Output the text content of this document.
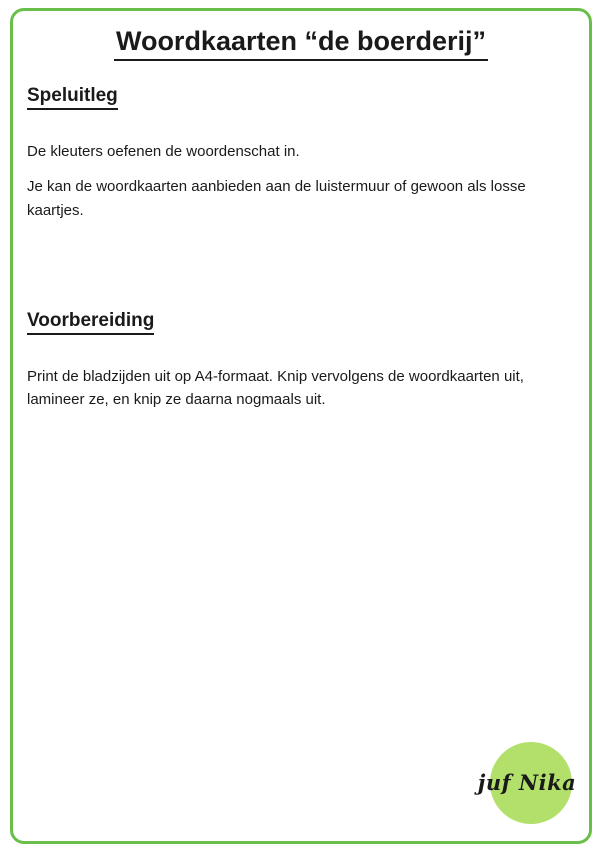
Woordkaarten “de boerderij”
Speluitleg

De kleuters oefenen de woordenschat in.

Je kan de woordkaarten aanbieden aan de luistermuur of gewoon als losse kaartjes.

Voorbereiding

Print de bladzijden uit op A4-formaat. Knip vervolgens de woordkaarten uit, lamineer ze, en knip ze daarna nogmaals uit.

juf Nika
